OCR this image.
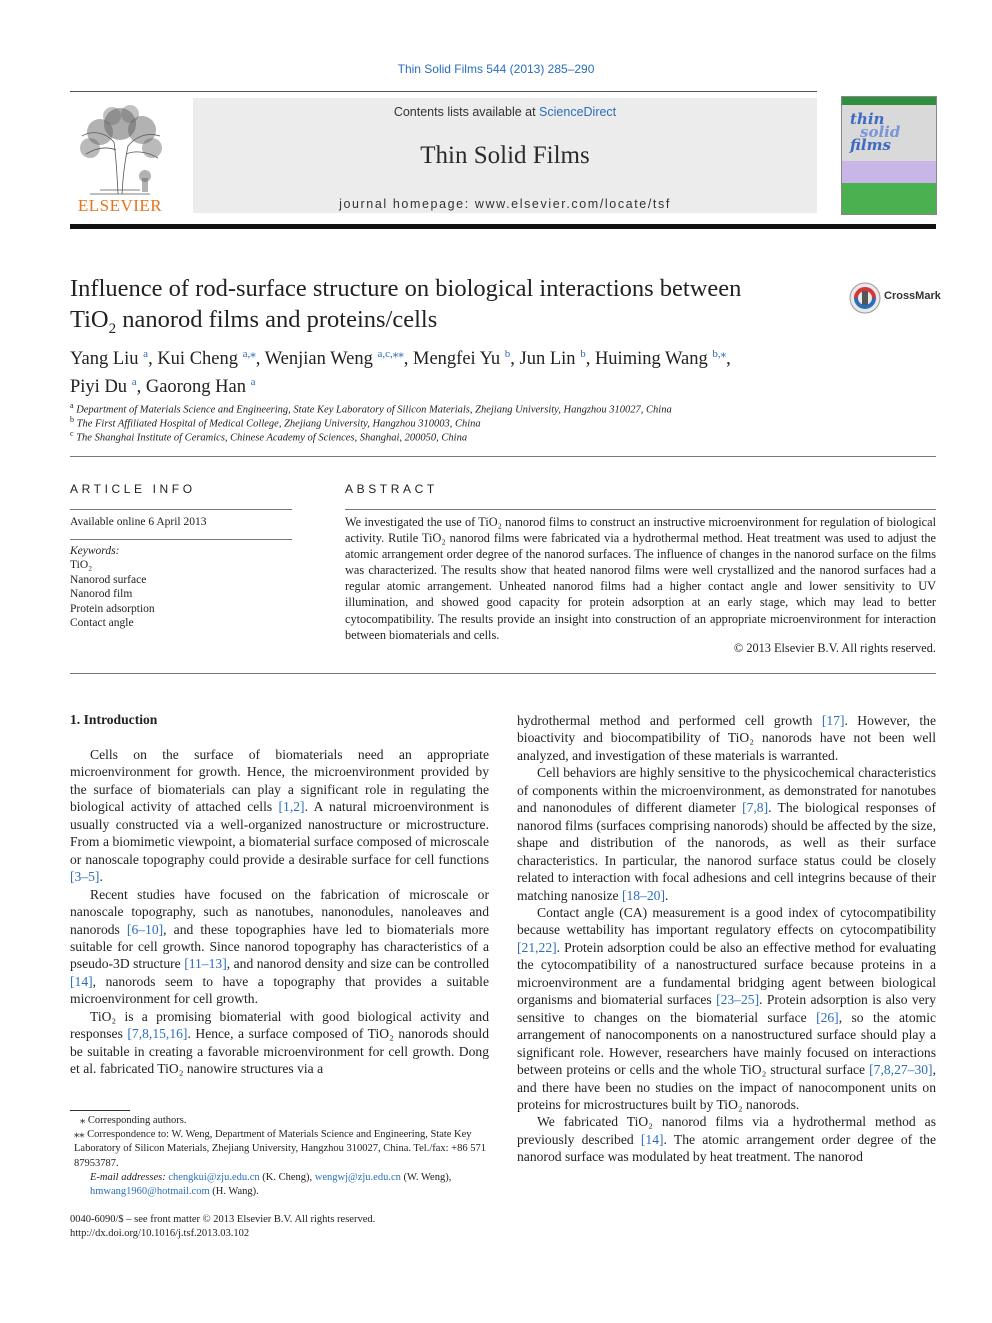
Thin Solid Films 544 (2013) 285–290
ELSEVIER
Contents lists available at ScienceDirect
Thin Solid Films
journal homepage: www.elsevier.com/locate/tsf
thin
solid
films
Influence of rod-surface structure on biological interactions between
TiO$_2$ nanorod films and proteins/cells
CrossMark
Yang Liu $^a$, Kui Cheng $^{a,⁎}$, Wenjian Weng $^{a,c,⁎⁎}$, Mengfei Yu $^b$, Jun Lin $^b$, Huiming Wang $^{b,⁎}$,
Piyi Du $^a$, Gaorong Han $^a$
$^a$ Department of Materials Science and Engineering, State Key Laboratory of Silicon Materials, Zhejiang University, Hangzhou 310027, China
$^b$ The First Affiliated Hospital of Medical College, Zhejiang University, Hangzhou 310003, China
$^c$ The Shanghai Institute of Ceramics, Chinese Academy of Sciences, Shanghai, 200050, China
ARTICLE INFO
Available online 6 April 2013
Keywords:
TiO₂
Nanorod surface
Nanorod film
Protein adsorption
Contact angle
ABSTRACT
We investigated the use of TiO₂ nanorod films to construct an instructive microenvironment for regulation of biological activity. Rutile TiO₂ nanorod films were fabricated via a hydrothermal method. Heat treatment was used to adjust the atomic arrangement order degree of the nanorod surfaces. The influence of changes in the nanorod surface on the films was characterized. The results show that heated nanorod films were well crystallized and the nanorod surfaces had a regular atomic arrangement. Unheated nanorod films had a higher contact angle and lower sensitivity to UV illumination, and showed good capacity for protein adsorption at an early stage, which may lead to better cytocompatibility. The results provide an insight into construction of an appropriate microenvironment for interaction between biomaterials and cells.
© 2013 Elsevier B.V. All rights reserved.
1. Introduction

Cells on the surface of biomaterials need an appropriate microenvironment for growth. Hence, the microenvironment provided by the surface of biomaterials can play a significant role in regulating the biological activity of attached cells [1,2]. A natural microenvironment is usually constructed via a well-organized nanostructure or microstructure. From a biomimetic viewpoint, a biomaterial surface composed of microscale or nanoscale topography could provide a desirable surface for cell functions [3–5].

Recent studies have focused on the fabrication of microscale or nanoscale topography, such as nanotubes, nanonodules, nanoleaves and nanorods [6–10], and these topographies have led to biomaterials more suitable for cell growth. Since nanorod topography has characteristics of a pseudo-3D structure [11–13], and nanorod density and size can be controlled [14], nanorods seem to have a topography that provides a suitable microenvironment for cell growth.

TiO₂ is a promising biomaterial with good biological activity and responses [7,8,15,16]. Hence, a surface composed of TiO₂ nanorods should be suitable in creating a favorable microenvironment for cell growth. Dong et al. fabricated TiO₂ nanowire structures via a

hydrothermal method and performed cell growth [17]. However, the bioactivity and biocompatibility of TiO₂ nanorods have not been well analyzed, and investigation of these materials is warranted.

Cell behaviors are highly sensitive to the physicochemical characteristics of components within the microenvironment, as demonstrated for nanotubes and nanonodules of different diameter [7,8]. The biological responses of nanorod films (surfaces comprising nanorods) should be affected by the size, shape and distribution of the nanorods, as well as their surface characteristics. In particular, the nanorod surface status could be closely related to interaction with focal adhesions and cell integrins because of their matching nanosize [18–20].

Contact angle (CA) measurement is a good index of cytocompatibility because wettability has important regulatory effects on cytocompatibility [21,22]. Protein adsorption could be also an effective method for evaluating the cytocompatibility of a nanostructured surface because proteins in a microenvironment are a fundamental bridging agent between biological organisms and biomaterial surfaces [23–25]. Protein adsorption is also very sensitive to changes on the biomaterial surface [26], so the atomic arrangement of nanocomponents on a nanostructured surface should play a significant role. However, researchers have mainly focused on interactions between proteins or cells and the whole TiO₂ structural surface [7,8,27–30], and there have been no studies on the impact of nanocomponent units on proteins for microstructures built by TiO₂ nanorods.

We fabricated TiO₂ nanorod films via a hydrothermal method as previously described [14]. The atomic arrangement order degree of the nanorod surface was modulated by heat treatment. The nanorod

⁎ Corresponding authors.
⁎⁎ Correspondence to: W. Weng, Department of Materials Science and Engineering, State Key Laboratory of Silicon Materials, Zhejiang University, Hangzhou 310027, China. Tel./fax: +86 571 87953787.
E-mail addresses: chengkui@zju.edu.cn (K. Cheng), wengwj@zju.edu.cn (W. Weng), hmwang1960@hotmail.com (H. Wang).
0040-6090/$ – see front matter © 2013 Elsevier B.V. All rights reserved.
http://dx.doi.org/10.1016/j.tsf.2013.03.102
